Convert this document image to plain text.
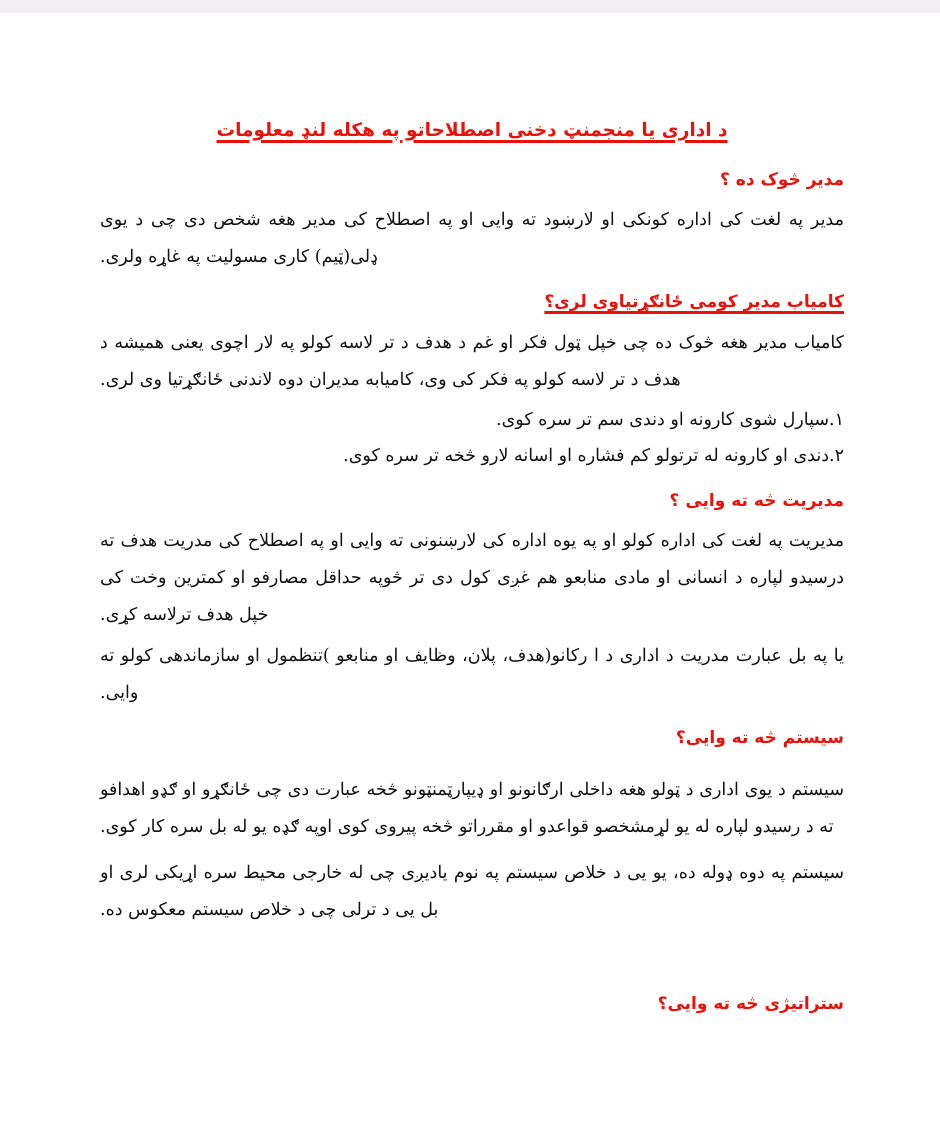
د اداری یا منجمنټ دخنی اصطلاحاتو په هکله لنډ معلومات
مدیر څوک ده ؟

مدیر په لغت کی اداره کونکی او لارښود ته وایی او په اصطلاح کی مدیر هغه شخص دی چی د یوی ډلی(ټیم) کاری مسولیت په غاړه ولری.

کامیاب مدیر کومی ځانګړتیاوی لری؟

کامیاب مدیر هغه څوک ده چی خپل ټول فکر او غم د هدف د تر لاسه کولو په لار اچوی یعنی همیشه د هدف د تر لاسه کولو په فکر کی وی، کامیابه مدیران دوه لاندنی ځانګړتیا وی لری.

۱.سپارل شوی کارونه او دندی سم تر سره کوی.

۲.دندی او کارونه له ترتولو کم فشاره او اسانه لارو څخه تر سره کوی.

مدیریت څه ته وایی ؟

مدیریت په لغت کی اداره کولو او په یوه اداره کی لارښنونی ته وایی او په اصطلاح کی مدریت هدف ته درسیدو لپاره د انسانی او مادی منابعو هم غږی کول دی تر څوپه حداقل مصارفو او کمترین وخت کی خپل هدف ترلاسه کړی.

یا په بل عبارت مدریت د اداری د ا رکانو(هدف، پلان، وظایف او منابعو )تنظمول او سازماندهی کولو ته وایی.

سیستم څه ته وایی؟

سیستم د یوی اداری د ټولو هغه داخلی ارګانونو او ډیپارټمنټونو څخه عبارت دی چی ځانګړو او ګډو اهدافو ته د رسیدو لپاره له یو لړمشخصو قواعدو او مقرراتو څخه پیروی کوی اوپه ګډه یو له بل سره کار کوی.

سیستم په دوه ډوله ده، یو یی د خلاص سیستم په نوم یادیږی چی له خارجی محیط سره اړیکی لری او بل یی د ترلی چی د خلاص سیستم معکوس ده.

ستراتیژی څه ته وایی؟
